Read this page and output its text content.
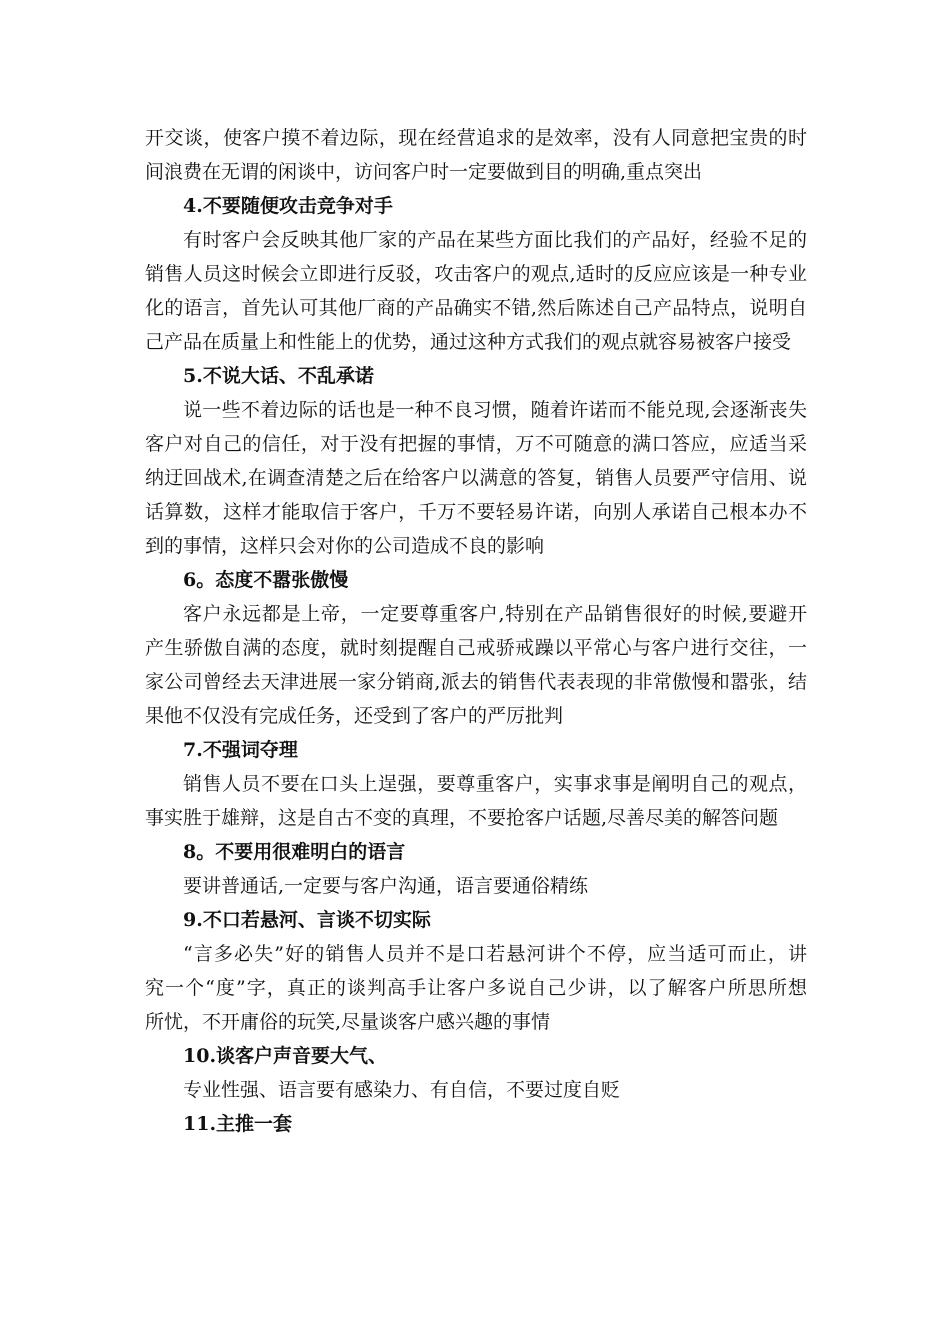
开交谈，使客户摸不着边际，现在经营追求的是效率，没有人同意把宝贵的时
间浪费在无谓的闲谈中，访问客户时一定要做到目的明确,重点突出
4.不要随便攻击竞争对手
有时客户会反映其他厂家的产品在某些方面比我们的产品好，经验不足的
销售人员这时候会立即进行反驳，攻击客户的观点,适时的反应应该是一种专业
化的语言，首先认可其他厂商的产品确实不错,然后陈述自己产品特点，说明自
己产品在质量上和性能上的优势，通过这种方式我们的观点就容易被客户接受
5.不说大话、不乱承诺
说一些不着边际的话也是一种不良习惯，随着许诺而不能兑现,会逐渐丧失
客户对自己的信任，对于没有把握的事情，万不可随意的满口答应，应适当采
纳迂回战术,在调查清楚之后在给客户以满意的答复，销售人员要严守信用、说
话算数，这样才能取信于客户，千万不要轻易许诺，向别人承诺自己根本办不
到的事情，这样只会对你的公司造成不良的影响
6。态度不嚣张傲慢
客户永远都是上帝，一定要尊重客户,特别在产品销售很好的时候,要避开
产生骄傲自满的态度，就时刻提醒自己戒骄戒躁以平常心与客户进行交往，一
家公司曾经去天津进展一家分销商,派去的销售代表表现的非常傲慢和嚣张，结
果他不仅没有完成任务，还受到了客户的严厉批判
7.不强词夺理
销售人员不要在口头上逞强，要尊重客户，实事求事是阐明自己的观点，
事实胜于雄辩，这是自古不变的真理，不要抢客户话题,尽善尽美的解答问题
8。不要用很难明白的语言
要讲普通话,一定要与客户沟通，语言要通俗精练
9.不口若悬河、言谈不切实际
“言多必失”好的销售人员并不是口若悬河讲个不停，应当适可而止，讲
究一个“度”字，真正的谈判高手让客户多说自己少讲，以了解客户所思所想
所忧，不开庸俗的玩笑,尽量谈客户感兴趣的事情
10.谈客户声音要大气、
专业性强、语言要有感染力、有自信，不要过度自贬
11.主推一套
